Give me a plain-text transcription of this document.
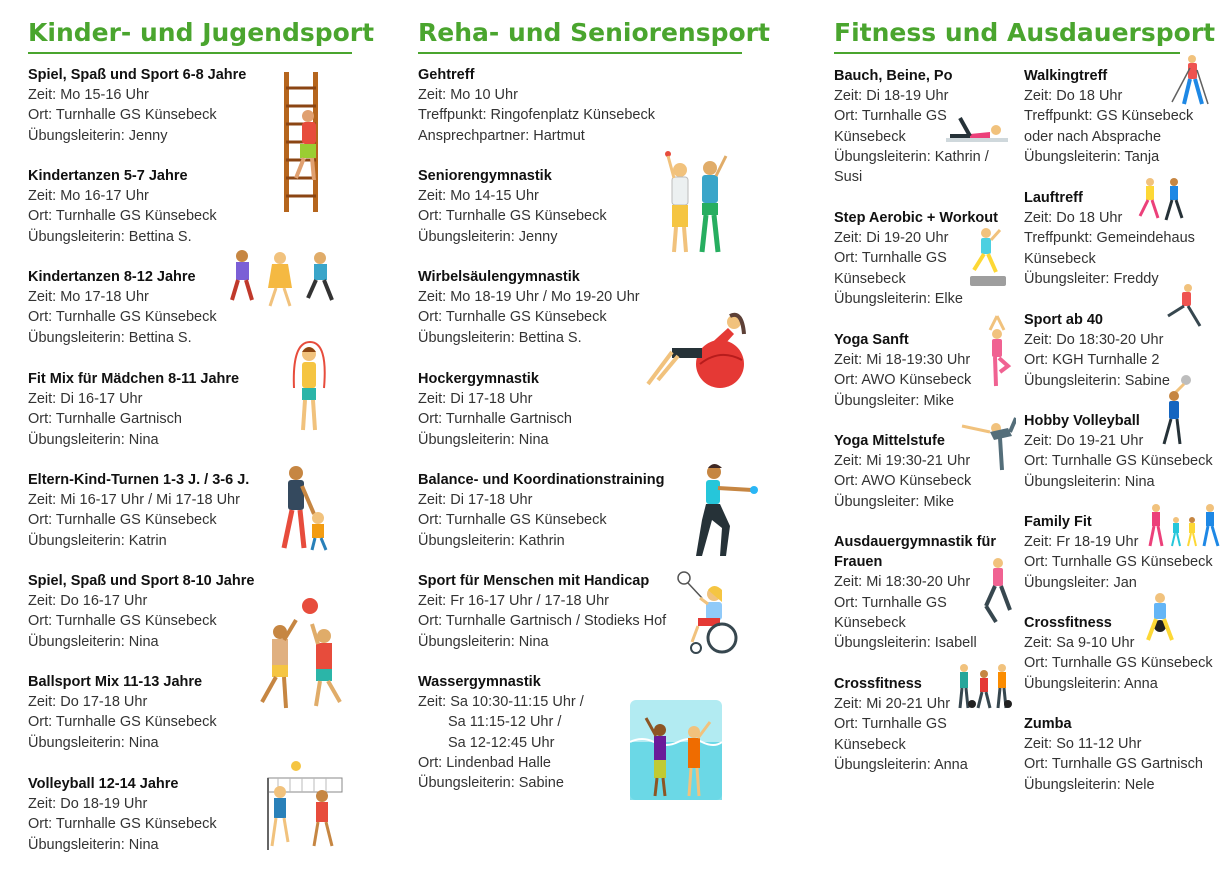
Kinder- und Jugendsport
Spiel, Spaß und Sport 6-8 Jahre
Zeit: Mo 15-16 Uhr
Ort: Turnhalle GS Künsebeck
Übungsleiterin: Jenny
Kindertanzen 5-7 Jahre
Zeit: Mo 16-17 Uhr
Ort: Turnhalle GS Künsebeck
Übungsleiterin: Bettina S.
Kindertanzen 8-12 Jahre
Zeit: Mo 17-18 Uhr
Ort: Turnhalle GS Künsebeck
Übungsleiterin: Bettina S.
Fit Mix für Mädchen 8-11 Jahre
Zeit: Di 16-17 Uhr
Ort: Turnhalle Gartnisch
Übungsleiterin: Nina
Eltern-Kind-Turnen 1-3 J. / 3-6 J.
Zeit: Mi 16-17 Uhr / Mi 17-18 Uhr
Ort: Turnhalle GS Künsebeck
Übungsleiterin: Katrin
Spiel, Spaß und Sport 8-10 Jahre
Zeit: Do 16-17 Uhr
Ort: Turnhalle GS Künsebeck
Übungsleiterin: Nina
Ballsport Mix 11-13 Jahre
Zeit: Do 17-18 Uhr
Ort: Turnhalle GS Künsebeck
Übungsleiterin: Nina
Volleyball 12-14 Jahre
Zeit: Do 18-19 Uhr
Ort: Turnhalle GS Künsebeck
Übungsleiterin: Nina
Reha- und Seniorensport
Gehtreff
Zeit: Mo 10 Uhr
Treffpunkt: Ringofenplatz Künsebeck
Ansprechpartner: Hartmut
Seniorengymnastik
Zeit: Mo 14-15 Uhr
Ort: Turnhalle GS Künsebeck
Übungsleiterin: Jenny
Wirbelsäulengymnastik
Zeit: Mo 18-19 Uhr / Mo 19-20 Uhr
Ort: Turnhalle GS Künsebeck
Übungsleiterin: Bettina S.
Hockergymnastik
Zeit: Di 17-18 Uhr
Ort: Turnhalle Gartnisch
Übungsleiterin: Nina
Balance- und Koordinationstraining
Zeit: Di 17-18 Uhr
Ort: Turnhalle GS Künsebeck
Übungsleiterin: Kathrin
Sport für Menschen mit Handicap
Zeit: Fr 16-17 Uhr / 17-18 Uhr
Ort: Turnhalle Gartnisch / Stodieks Hof
Übungsleiterin: Nina
Wassergymnastik
Zeit: Sa 10:30-11:15 Uhr /
Sa 11:15-12 Uhr /
Sa 12-12:45 Uhr
Ort: Lindenbad Halle
Übungsleiterin: Sabine
Fitness und Ausdauersport
Bauch, Beine, Po
Zeit: Di 18-19 Uhr
Ort: Turnhalle GS
Künsebeck
Übungsleiterin: Kathrin /
Susi
Step Aerobic + Workout
Zeit: Di 19-20 Uhr
Ort: Turnhalle GS
Künsebeck
Übungsleiterin: Elke
Yoga Sanft
Zeit: Mi 18-19:30 Uhr
Ort: AWO Künsebeck
Übungsleiter: Mike
Yoga Mittelstufe
Zeit: Mi 19:30-21 Uhr
Ort: AWO Künsebeck
Übungsleiter: Mike
Ausdauergymnastik für Frauen
Zeit: Mi 18:30-20 Uhr
Ort: Turnhalle GS
Künsebeck
Übungsleiterin: Isabell
Crossfitness
Zeit: Mi 20-21 Uhr
Ort: Turnhalle GS
Künsebeck
Übungsleiterin: Anna
Walkingtreff
Zeit: Do 18 Uhr
Treffpunkt: GS Künsebeck
oder nach Absprache
Übungsleiterin: Tanja
Lauftreff
Zeit: Do 18 Uhr
Treffpunkt: Gemeindehaus
Künsebeck
Übungsleiter: Freddy
Sport ab 40
Zeit: Do 18:30-20 Uhr
Ort: KGH Turnhalle 2
Übungsleiterin: Sabine
Hobby Volleyball
Zeit: Do 19-21 Uhr
Ort: Turnhalle GS Künsebeck
Übungsleiterin: Nina
Family Fit
Zeit: Fr 18-19 Uhr
Ort: Turnhalle GS Künsebeck
Übungsleiter: Jan
Crossfitness
Zeit: Sa 9-10 Uhr
Ort: Turnhalle GS Künsebeck
Übungsleiterin: Anna
Zumba
Zeit: So 11-12 Uhr
Ort: Turnhalle GS Gartnisch
Übungsleiterin: Nele
